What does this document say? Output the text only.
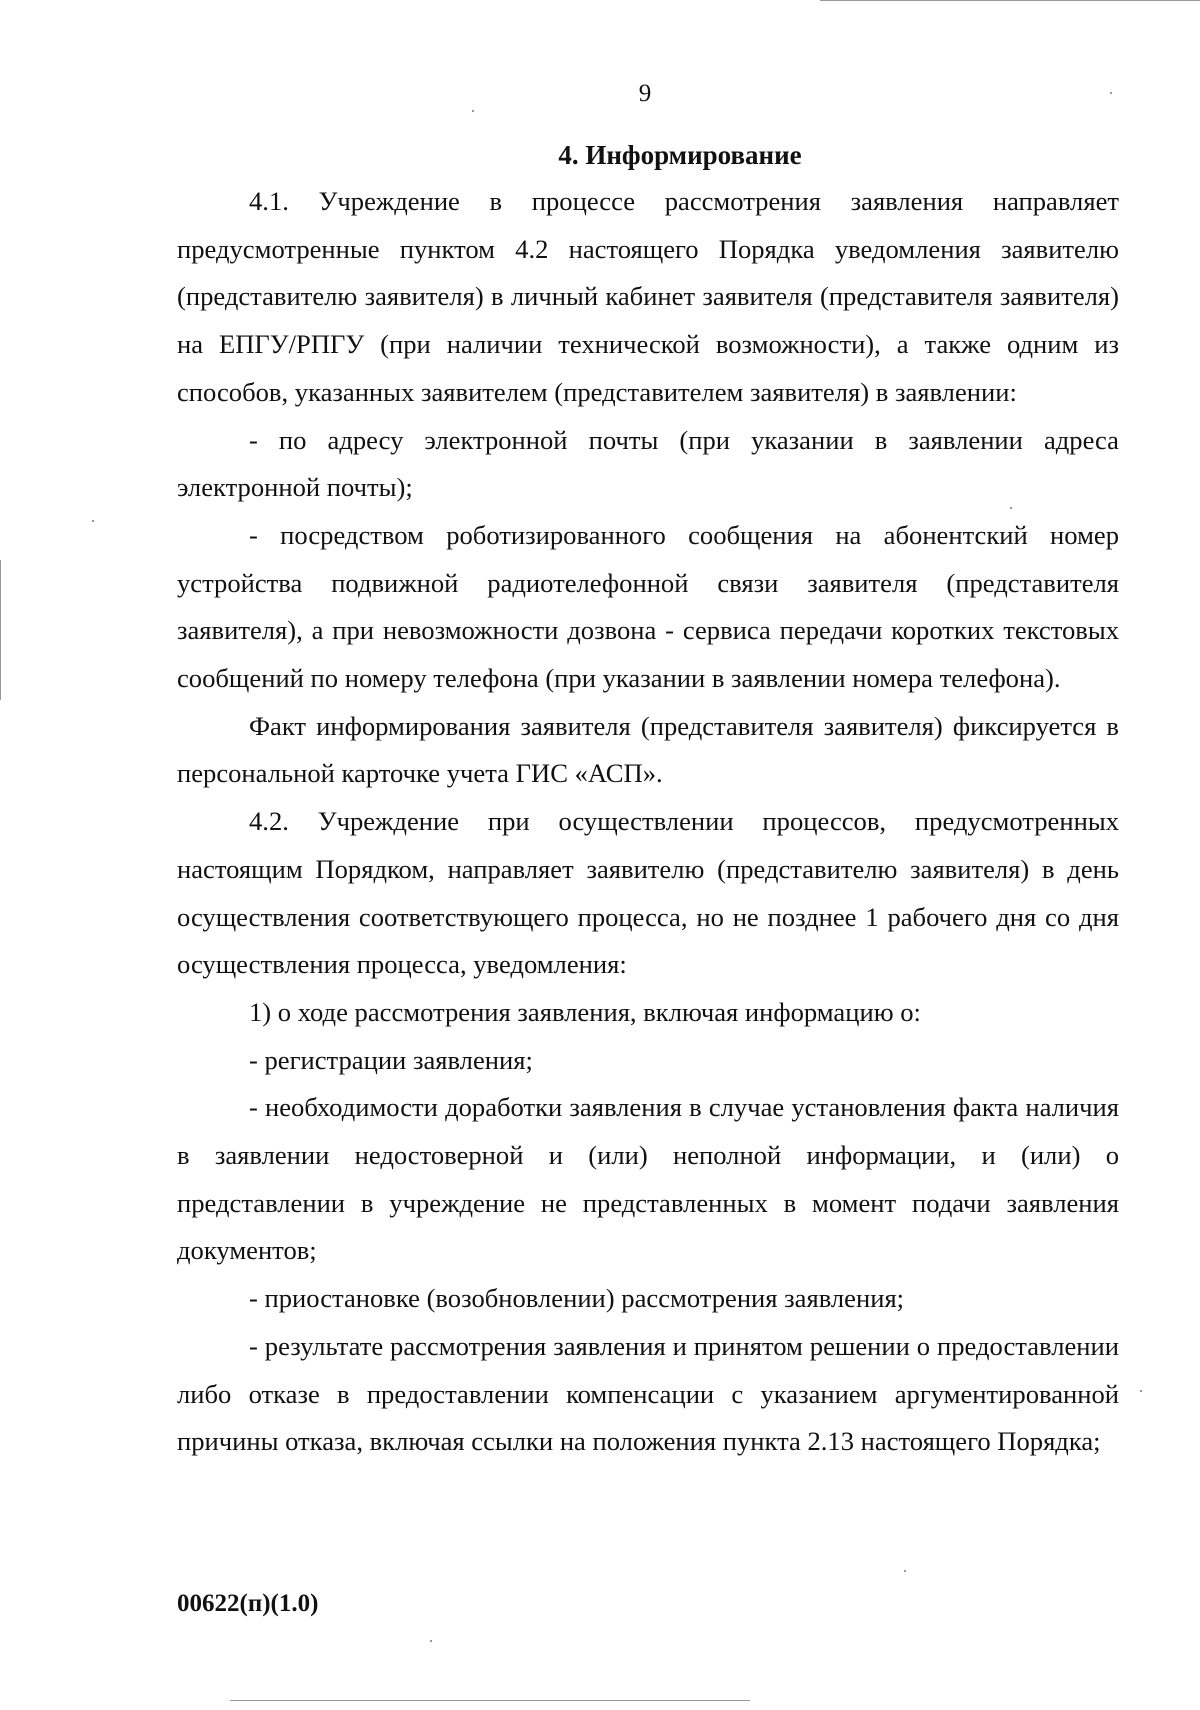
9
4. Информирование

4.1. Учреждение в процессе рассмотрения заявления направляет предусмотренные пунктом 4.2 настоящего Порядка уведомления заявителю (представителю заявителя) в личный кабинет заявителя (представителя заявителя) на ЕПГУ/РПГУ (при наличии технической возможности), а также одним из способов, указанных заявителем (представителем заявителя) в заявлении:

- по адресу электронной почты (при указании в заявлении адреса электронной почты);

- посредством роботизированного сообщения на абонентский номер устройства подвижной радиотелефонной связи заявителя (представителя заявителя), а при невозможности дозвона - сервиса передачи коротких текстовых сообщений по номеру телефона (при указании в заявлении номера телефона).

Факт информирования заявителя (представителя заявителя) фиксируется в персональной карточке учета ГИС «АСП».

4.2. Учреждение при осуществлении процессов, предусмотренных настоящим Порядком, направляет заявителю (представителю заявителя) в день осуществления соответствующего процесса, но не позднее 1 рабочего дня со дня осуществления процесса, уведомления:

1) о ходе рассмотрения заявления, включая информацию о:

- регистрации заявления;

- необходимости доработки заявления в случае установления факта наличия в заявлении недостоверной и (или) неполной информации, и (или) о представлении в учреждение не представленных в момент подачи заявления документов;

- приостановке (возобновлении) рассмотрения заявления;

- результате рассмотрения заявления и принятом решении о предоставлении либо отказе в предоставлении компенсации с указанием аргументированной причины отказа, включая ссылки на положения пункта 2.13 настоящего Порядка;

00622(п)(1.0)
